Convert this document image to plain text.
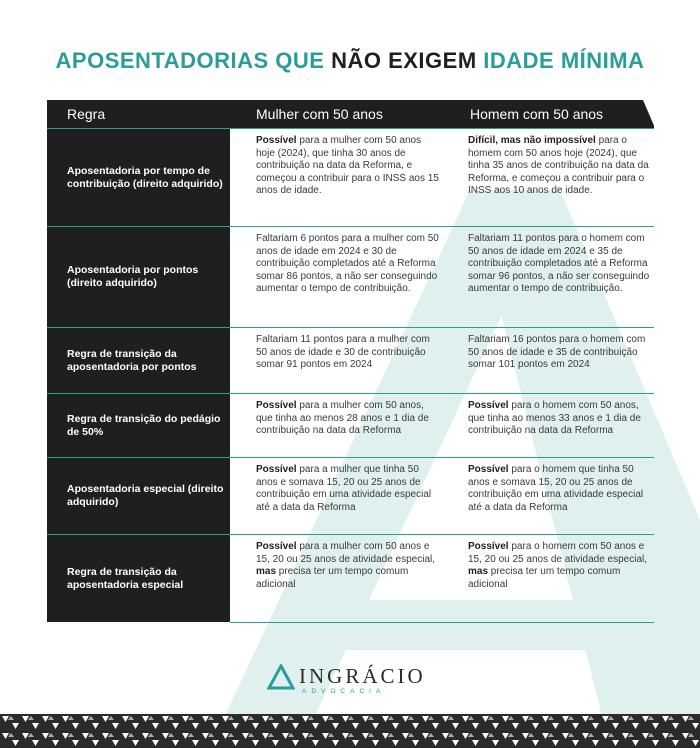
APOSENTADORIAS QUE NÃO EXIGEM IDADE MÍNIMA
Regra	Mulher com 50 anos	Homem com 50 anos
Aposentadoria por tempo de contribuição (direito adquirido)
Possível para a mulher com 50 anos hoje (2024), que tinha 30 anos de contribuição na data da Reforma, e começou a contribuir para o INSS aos 15 anos de idade.
Difícil, mas não impossível para o homem com 50 anos hoje (2024), que tinha 35 anos de contribuição na data da Reforma, e começou a contribuir para o INSS aos 10 anos de idade.
Aposentadoria por pontos (direito adquirido)
Faltariam 6 pontos para a mulher com 50 anos de idade em 2024 e 30 de contribuição completados até a Reforma somar 86 pontos, a não ser conseguindo aumentar o tempo de contribuição.
Faltariam 11 pontos para o homem com 50 anos de idade em 2024 e 35 de contribuição completados até a Reforma somar 96 pontos, a não ser conseguindo aumentar o tempo de contribuição.
Regra de transição da aposentadoria por pontos
Faltariam 11 pontos para a mulher com 50 anos de idade e 30 de contribuição somar 91 pontos em 2024
Faltariam 16 pontos para o homem com 50 anos de idade e 35 de contribuição somar 101 pontos em 2024
Regra de transição do pedágio de 50%
Possível para a mulher com 50 anos, que tinha ao menos 28 anos e 1 dia de contribuição na data da Reforma
Possível para o homem com 50 anos, que tinha ao menos 33 anos e 1 dia de contribuição na data da Reforma
Aposentadoria especial (direito adquirido)
Possível para a mulher que tinha 50 anos e somava 15, 20 ou 25 anos de contribuição em uma atividade especial até a data da Reforma
Possível para o homem que tinha 50 anos e somava 15, 20 ou 25 anos de contribuição em uma atividade especial até a data da Reforma
Regra de transição da aposentadoria especial
Possível para a mulher com 50 anos e 15, 20 ou 25 anos de atividade especial, mas precisa ter um tempo comum adicional
Possível para o homem com 50 anos e 15, 20 ou 25 anos de atividade especial, mas precisa ter um tempo comum adicional
INGRÁCIO
ADVOCACIA
